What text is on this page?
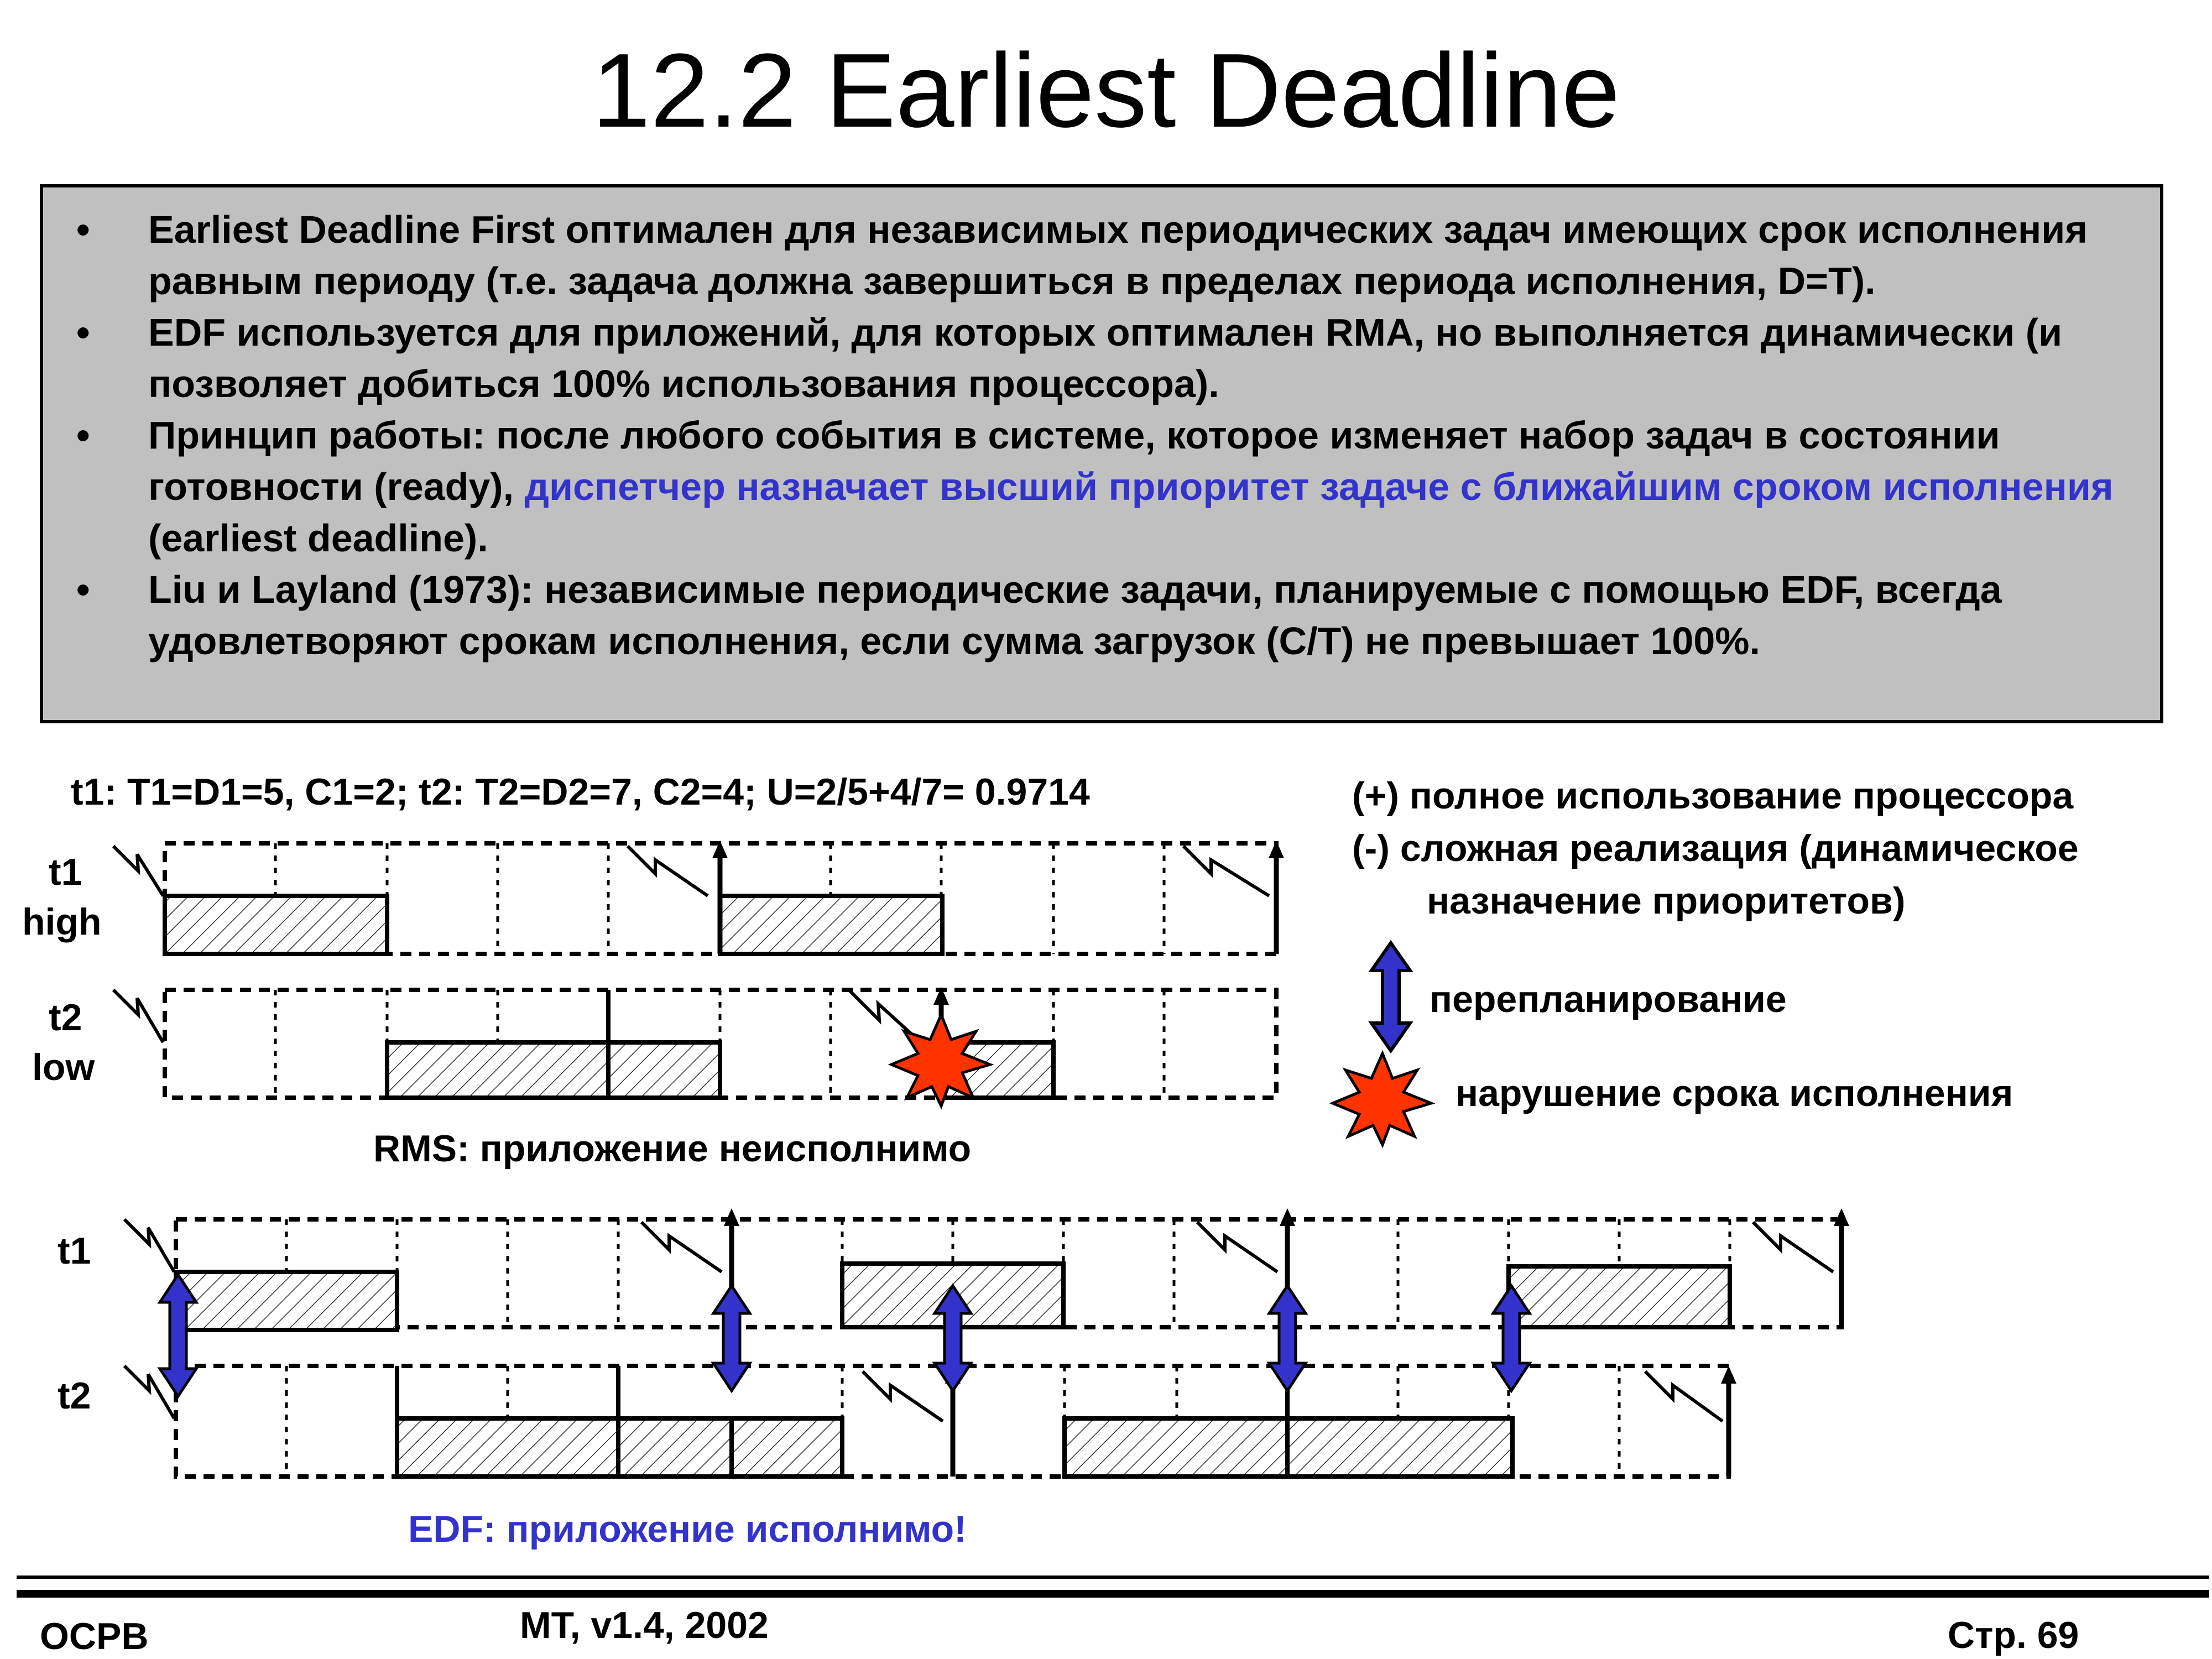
12.2 Earliest Deadline
• Earliest Deadline First оптимален для независимых периодических задач имеющих срок исполнения равным периоду (т.е. задача должна завершиться в пределах периода исполнения, D=T).
• EDF используется для приложений, для которых оптимален RMA, но выполняется динамически (и позволяет добиться 100% использования процессора).
• Принцип работы: после любого события в системе, которое изменяет набор задач в состоянии готовности (ready), диспетчер назначает высший приоритет задаче с ближайшим сроком исполнения (earliest deadline).
• Liu и Layland (1973): независимые периодические задачи, планируемые с помощью EDF, всегда удовлетворяют срокам исполнения, если сумма загрузок (C/T) не превышает 100%.
t1: T1=D1=5, C1=2; t2: T2=D2=7, C2=4; U=2/5+4/7= 0.9714	(+) полное использование процессора
(-) сложная реализация (динамическое
назначение приоритетов)
перепланирование
нарушение срока исполнения
t1
high
t2
low
RMS: приложение неисполнимо
t1
t2
EDF: приложение исполнимо!
ОСРВ	MT, v1.4, 2002	Стр. 69
